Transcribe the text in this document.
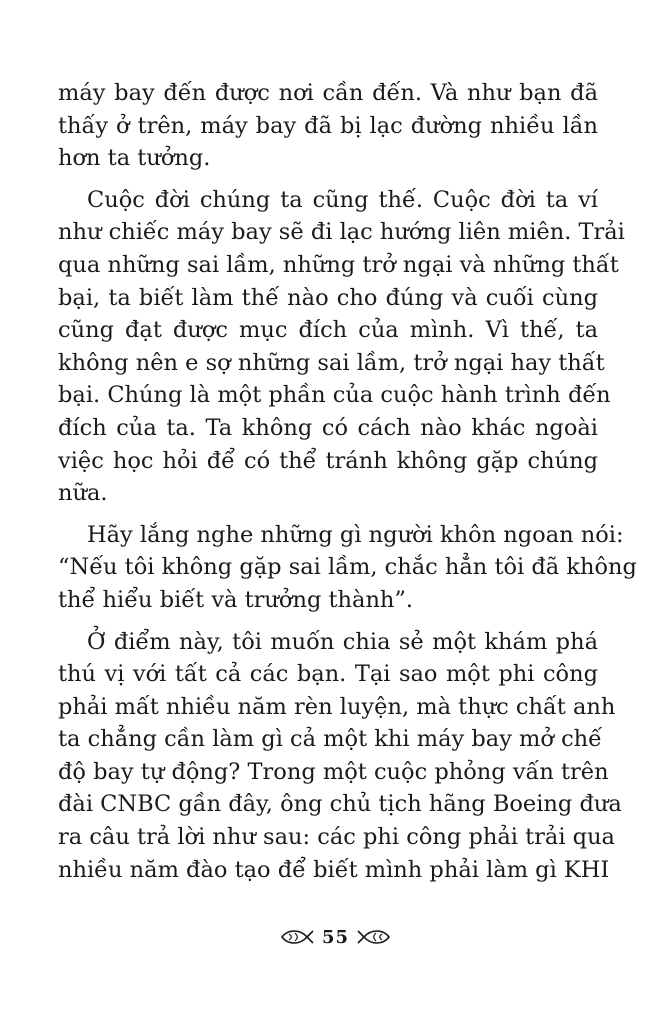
máy bay đến được nơi cần đến. Và như bạn đã
thấy ở trên, máy bay đã bị lạc đường nhiều lần
hơn ta tưởng.

Cuộc đời chúng ta cũng thế. Cuộc đời ta ví
như chiếc máy bay sẽ đi lạc hướng liên miên. Trải
qua những sai lầm, những trở ngại và những thất
bại, ta biết làm thế nào cho đúng và cuối cùng
cũng đạt được mục đích của mình. Vì thế, ta
không nên e sợ những sai lầm, trở ngại hay thất
bại. Chúng là một phần của cuộc hành trình đến
đích của ta. Ta không có cách nào khác ngoài
việc học hỏi để có thể tránh không gặp chúng
nữa.

Hãy lắng nghe những gì người khôn ngoan nói:
“Nếu tôi không gặp sai lầm, chắc hẳn tôi đã không
thể hiểu biết và trưởng thành”.

Ở điểm này, tôi muốn chia sẻ một khám phá
thú vị với tất cả các bạn. Tại sao một phi công
phải mất nhiều năm rèn luyện, mà thực chất anh
ta chẳng cần làm gì cả một khi máy bay mở chế
độ bay tự động? Trong một cuộc phỏng vấn trên
đài CNBC gần đây, ông chủ tịch hãng Boeing đưa
ra câu trả lời như sau: các phi công phải trải qua
nhiều năm đào tạo để biết mình phải làm gì KHI

55
